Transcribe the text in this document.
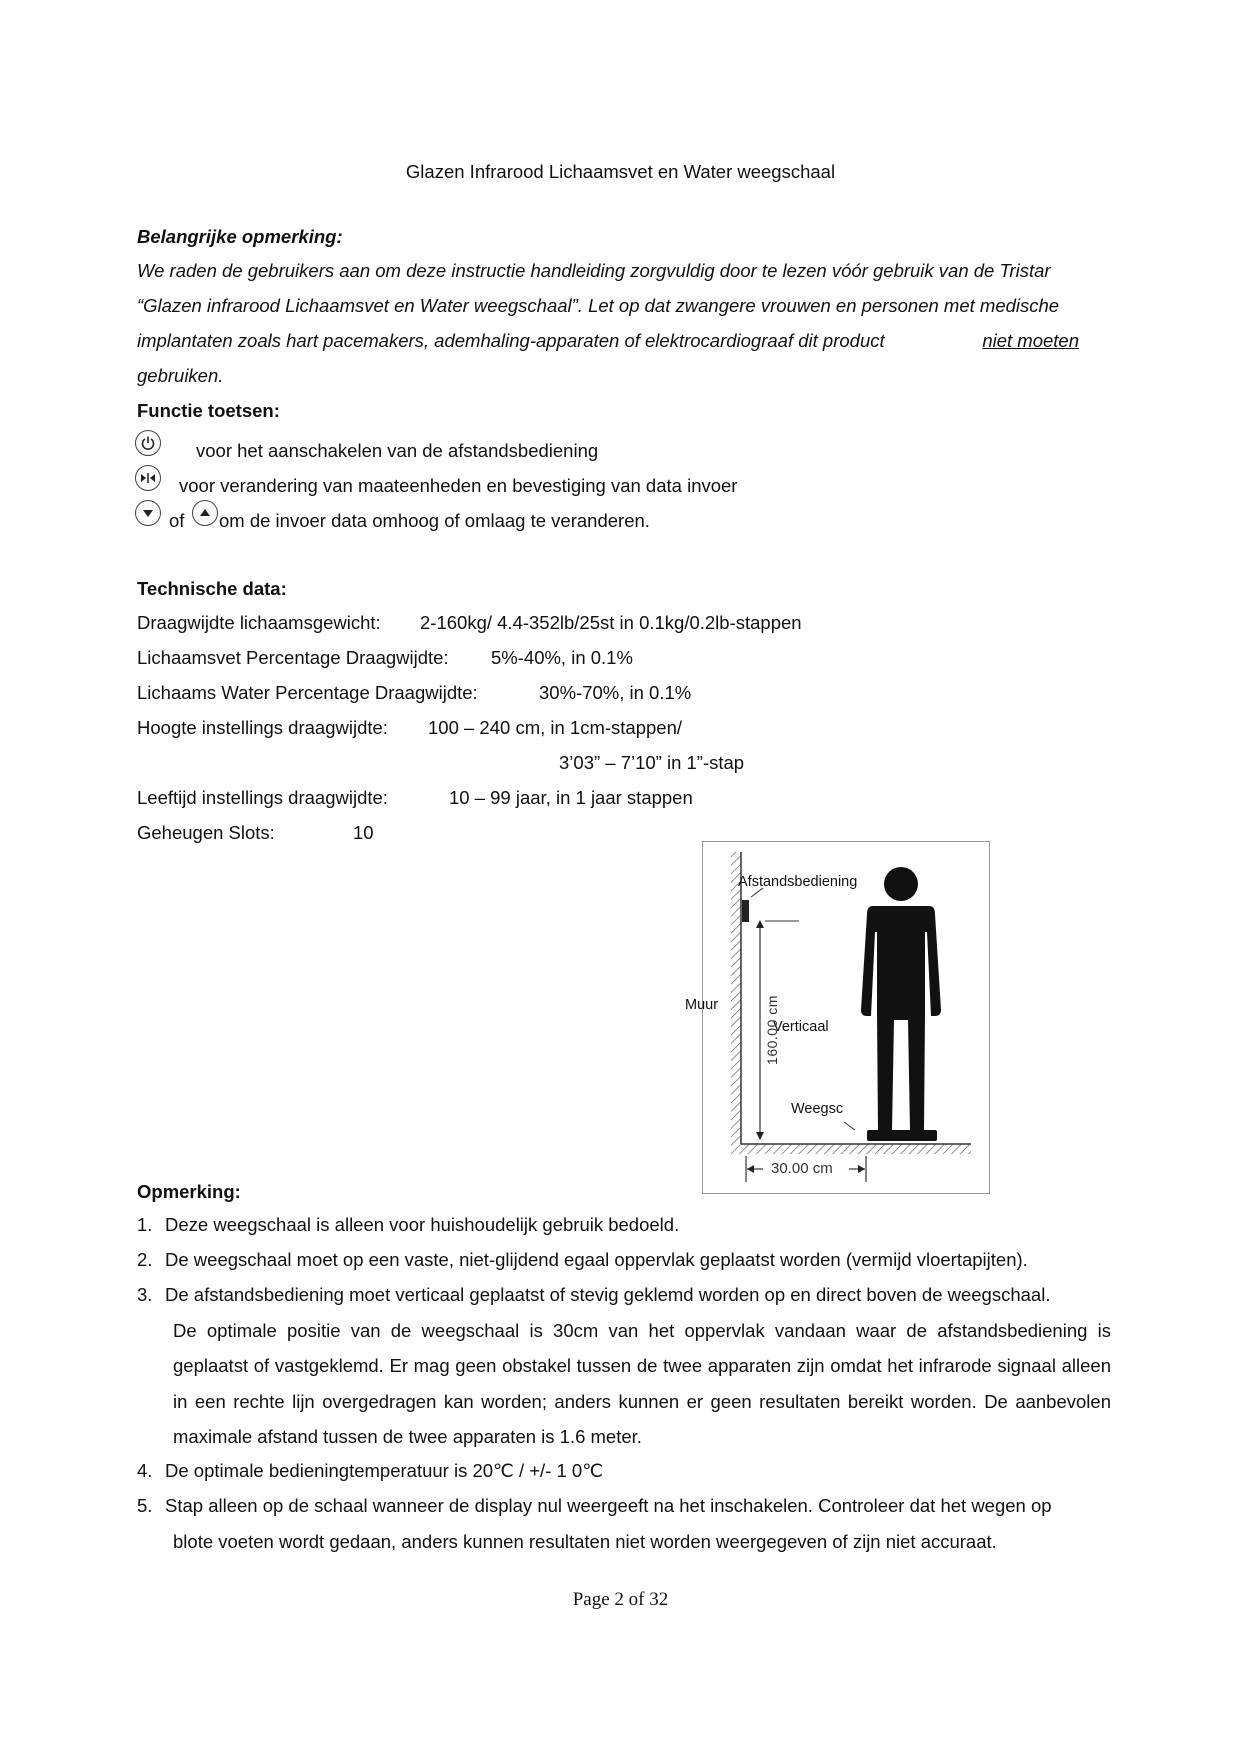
Glazen Infrarood Lichaamsvet en Water weegschaal
Belangrijke opmerking:
We raden de gebruikers aan om deze instructie handleiding zorgvuldig door te lezen vóór gebruik van de Tristar
“Glazen infrarood Lichaamsvet en Water weegschaal”. Let op dat zwangere vrouwen en personen met medische
implantaten zoals hart pacemakers, ademhaling-apparaten of elektrocardiograaf dit product	niet moeten
gebruiken.
Functie toetsen:
voor het aanschakelen van de afstandsbediening
voor verandering van maateenheden en bevestiging van data invoer
of om de invoer data omhoog of omlaag te veranderen.
Technische data:
Draagwijdte lichaamsgewicht: 2-160kg/ 4.4-352lb/25st in 0.1kg/0.2lb-stappen
Lichaamsvet Percentage Draagwijdte: 5%-40%, in 0.1%
Lichaams Water Percentage Draagwijdte:	30%-70%, in 0.1%
Hoogte instellings draagwijdte: 100 – 240 cm, in 1cm-stappen/
3’03” – 7’10” in 1”-stap
Leeftijd instellings draagwijdte:	10 – 99 jaar, in 1 jaar stappen
Geheugen Slots:	10
Afstandsbediening
Muur
Verticaal
160.00 cm
Weegsc
30.00 cm
Opmerking:
1. Deze weegschaal is alleen voor huishoudelijk gebruik bedoeld.
2. De weegschaal moet op een vaste, niet-glijdend egaal oppervlak geplaatst worden (vermijd vloertapijten).
3. De afstandsbediening moet verticaal geplaatst of stevig geklemd worden op en direct boven de weegschaal.
De optimale positie van de weegschaal is 30cm van het oppervlak vandaan waar de afstandsbediening is geplaatst of vastgeklemd. Er mag geen obstakel tussen de twee apparaten zijn omdat het infrarode signaal alleen in een rechte lijn overgedragen kan worden; anders kunnen er geen resultaten bereikt worden. De aanbevolen maximale afstand tussen de twee apparaten is 1.6 meter.
4. De optimale bedieningtemperatuur is 20℃ / +/- 1 0℃
5. Stap alleen op de schaal wanneer de display nul weergeeft na het inschakelen. Controleer dat het wegen op
blote voeten wordt gedaan, anders kunnen resultaten niet worden weergegeven of zijn niet accuraat.
Page 2 of 32
